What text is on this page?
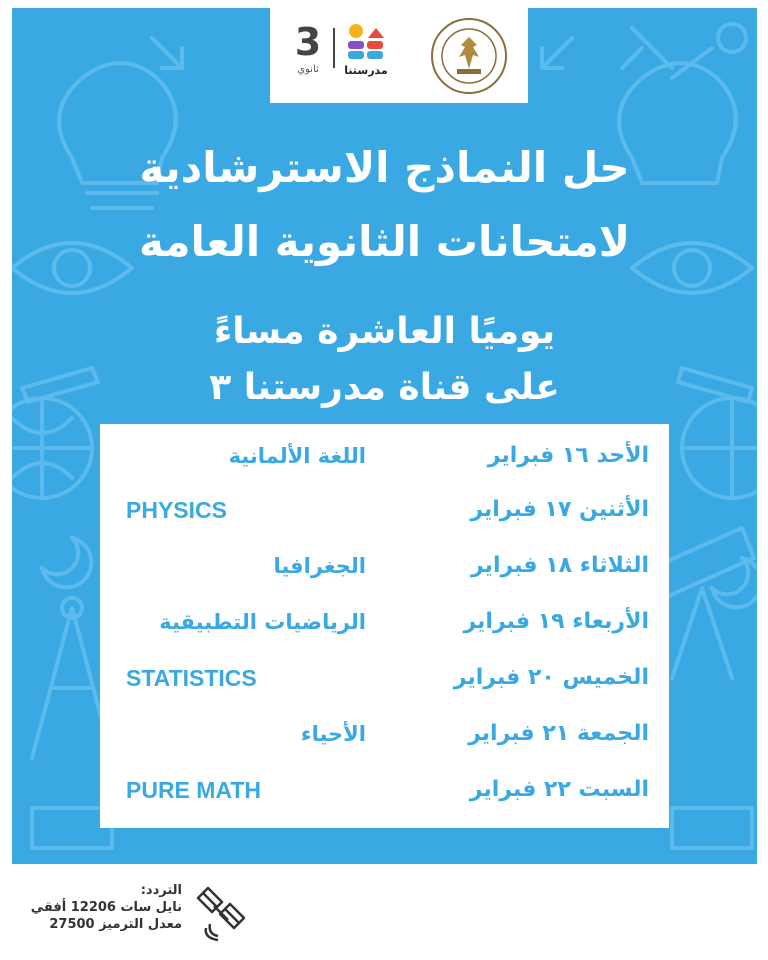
3
ثانوي	مدرستنا
حل النماذج الاسترشادية
لامتحانات الثانوية العامة
يوميًا العاشرة مساءً
على قناة مدرستنا ٣
الأحد ١٦ فبراير
اللغة الألمانية
الأثنين ١٧ فبراير
PHYSICS
الثلاثاء ١٨ فبراير
الجغرافيا
الأربعاء ١٩ فبراير
الرياضيات التطبيقية
الخميس ٢٠ فبراير
STATISTICS
الجمعة ٢١ فبراير
الأحياء
السبت ٢٢ فبراير
PURE MATH
التردد:
نايل سات 12206 أفقي
معدل الترميز 27500
